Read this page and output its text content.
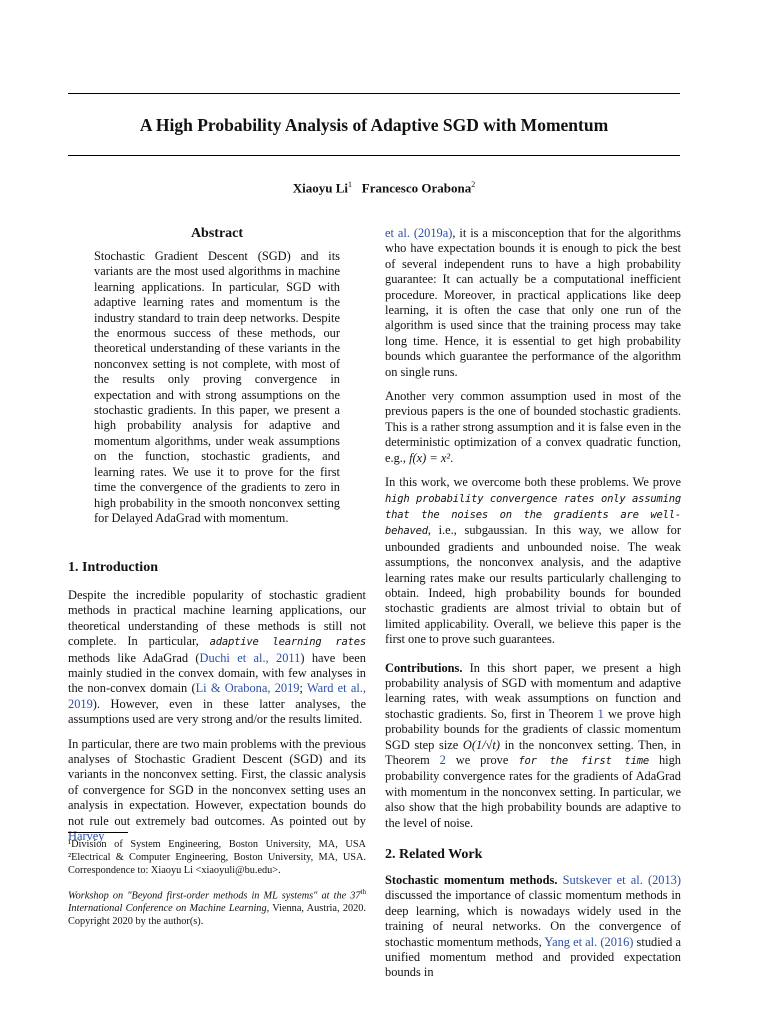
A High Probability Analysis of Adaptive SGD with Momentum
Xiaoyu Li$^1$ Francesco Orabona$^2$
Abstract

Stochastic Gradient Descent (SGD) and its variants are the most used algorithms in machine learning applications. In particular, SGD with adaptive learning rates and momentum is the industry standard to train deep networks. Despite the enormous success of these methods, our theoretical understanding of these variants in the nonconvex setting is not complete, with most of the results only proving convergence in expectation and with strong assumptions on the stochastic gradients. In this paper, we present a high probability analysis for adaptive and momentum algorithms, under weak assumptions on the function, stochastic gradients, and learning rates. We use it to prove for the first time the convergence of the gradients to zero in high probability in the smooth nonconvex setting for Delayed AdaGrad with momentum.

1. Introduction

Despite the incredible popularity of stochastic gradient methods in practical machine learning applications, our theoretical understanding of these methods is still not complete. In particular, adaptive learning rates methods like AdaGrad (Duchi et al., 2011) have been mainly studied in the convex domain, with few analyses in the non-convex domain (Li & Orabona, 2019; Ward et al., 2019). However, even in these latter analyses, the assumptions used are very strong and/or the results limited.

In particular, there are two main problems with the previous analyses of Stochastic Gradient Descent (SGD) and its variants in the nonconvex setting. First, the classic analysis of convergence for SGD in the nonconvex setting uses an analysis in expectation. However, expectation bounds do not rule out extremely bad outcomes. As pointed out by Harvey

¹Division of System Engineering, Boston University, MA, USA ²Electrical & Computer Engineering, Boston University, MA, USA. Correspondence to: Xiaoyu Li <xiaoyuli@bu.edu>.
Workshop on "Beyond first-order methods in ML systems" at the 37th International Conference on Machine Learning, Vienna, Austria, 2020. Copyright 2020 by the author(s).

et al. (2019a), it is a misconception that for the algorithms who have expectation bounds it is enough to pick the best of several independent runs to have a high probability guarantee: It can actually be a computational inefficient procedure. Moreover, in practical applications like deep learning, it is often the case that only one run of the algorithm is used since that the training process may take long time. Hence, it is essential to get high probability bounds which guarantee the performance of the algorithm on single runs.

Another very common assumption used in most of the previous papers is the one of bounded stochastic gradients. This is a rather strong assumption and it is false even in the deterministic optimization of a convex quadratic function, e.g., f(x) = x².

In this work, we overcome both these problems. We prove high probability convergence rates only assuming that the noises on the gradients are well-behaved, i.e., subgaussian. In this way, we allow for unbounded gradients and unbounded noise. The weak assumptions, the nonconvex analysis, and the adaptive learning rates make our results particularly challenging to obtain. Indeed, high probability bounds for bounded stochastic gradients are almost trivial to obtain but of limited applicability. Overall, we believe this paper is the first one to prove such guarantees.

Contributions. In this short paper, we present a high probability analysis of SGD with momentum and adaptive learning rates, with weak assumptions on function and stochastic gradients. So, first in Theorem 1 we prove high probability bounds for the gradients of classic momentum SGD step size O(1/√t) in the nonconvex setting. Then, in Theorem 2 we prove for the first time high probability convergence rates for the gradients of AdaGrad with momentum in the nonconvex setting. In particular, we also show that the high probability bounds are adaptive to the level of noise.

2. Related Work

Stochastic momentum methods. Sutskever et al. (2013) discussed the importance of classic momentum methods in deep learning, which is nowadays widely used in the training of neural networks. On the convergence of stochastic momentum methods, Yang et al. (2016) studied a unified momentum method and provided expectation bounds in
